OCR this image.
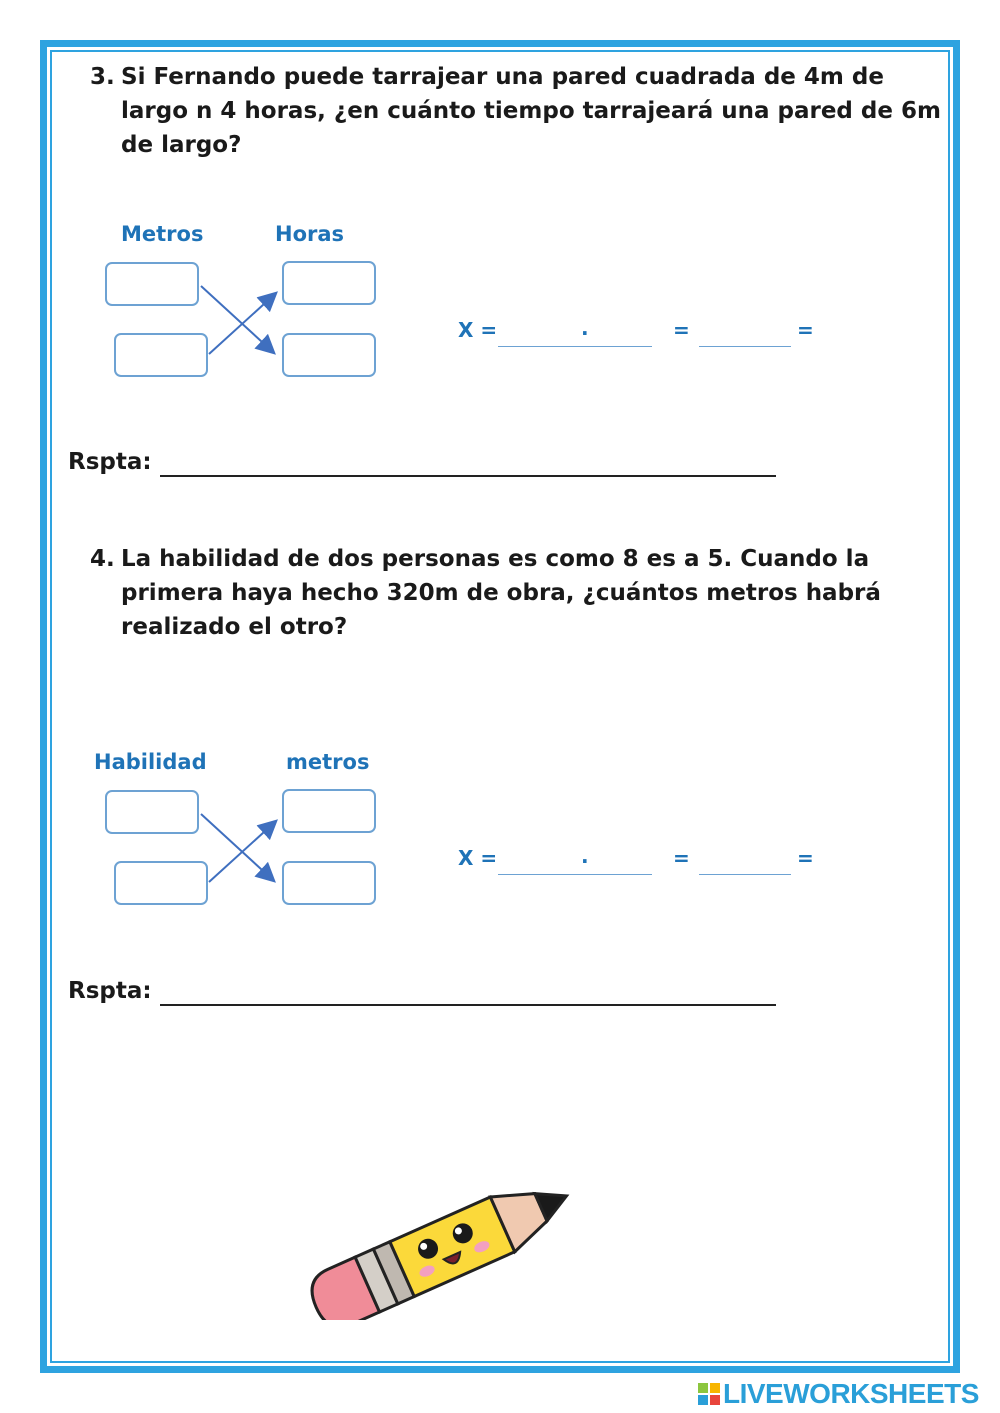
3. Si Fernando puede tarrajear una pared cuadrada de 4m de
largo n 4 horas, ¿en cuánto tiempo tarrajeará una pared de 6m
de largo?
Metros	Horas
X =	.	=	=
Rspta:
4. La habilidad de dos personas es como 8 es a 5. Cuando la
primera haya hecho 320m de obra, ¿cuántos metros habrá
realizado el otro?
Habilidad	metros
X =	.	=	=
Rspta:
LIVEWORKSHEETS
